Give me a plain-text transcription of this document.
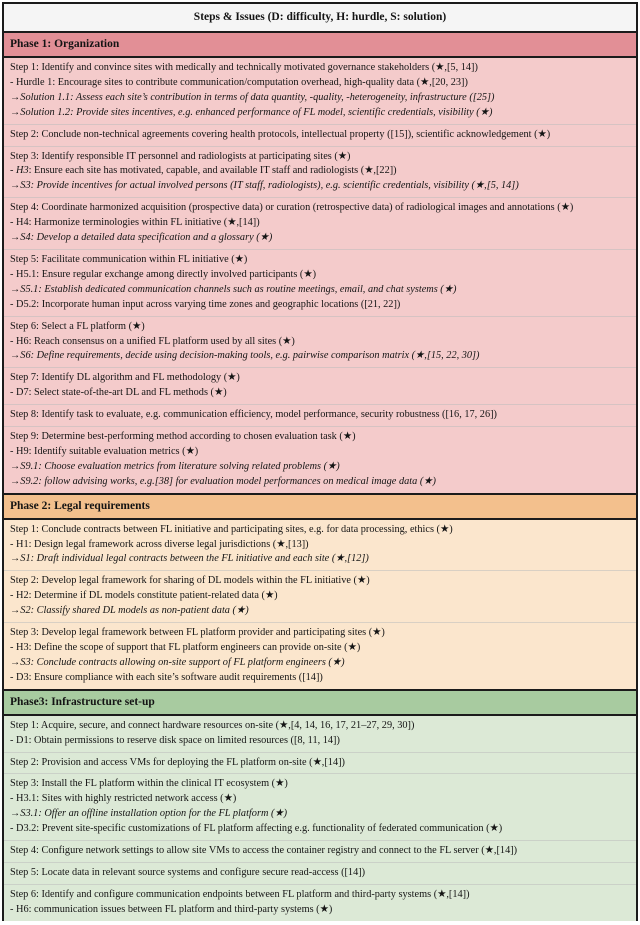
Steps & Issues (D: difficulty, H: hurdle, S: solution)
Phase 1: Organization
Step 1: Identify and convince sites with medically and technically motivated governance stakeholders (★,[5, 14])
- Hurdle 1: Encourage sites to contribute communication/computation overhead, high-quality data (★,[20, 23])
→Solution 1.1: Assess each site’s contribution in terms of data quantity, -quality, -heterogeneity, infrastructure ([25])
→Solution 1.2: Provide sites incentives, e.g. enhanced performance of FL model, scientific credentials, visibility (★)
Step 2: Conclude non-technical agreements covering health protocols, intellectual property ([15]), scientific acknowledgement (★)
Step 3: Identify responsible IT personnel and radiologists at participating sites (★)
- H3: Ensure each site has motivated, capable, and available IT staff and radiologists (★,[22])
→S3: Provide incentives for actual involved persons (IT staff, radiologists), e.g. scientific credentials, visibility (★,[5, 14])
Step 4: Coordinate harmonized acquisition (prospective data) or curation (retrospective data) of radiological images and annotations (★)
- H4: Harmonize terminologies within FL initiative (★,[14])
→S4: Develop a detailed data specification and a glossary (★)
Step 5: Facilitate communication within FL initiative (★)
- H5.1: Ensure regular exchange among directly involved participants (★)
→S5.1: Establish dedicated communication channels such as routine meetings, email, and chat systems (★)
- D5.2: Incorporate human input across varying time zones and geographic locations ([21, 22])
Step 6: Select a FL platform (★)
- H6: Reach consensus on a unified FL platform used by all sites (★)
→S6: Define requirements, decide using decision-making tools, e.g. pairwise comparison matrix (★,[15, 22, 30])
Step 7: Identify DL algorithm and FL methodology (★)
- D7: Select state-of-the-art DL and FL methods (★)
Step 8: Identify task to evaluate, e.g. communication efficiency, model performance, security robustness ([16, 17, 26])
Step 9: Determine best-performing method according to chosen evaluation task (★)
- H9: Identify suitable evaluation metrics (★)
→S9.1: Choose evaluation metrics from literature solving related problems (★)
→S9.2: follow advising works, e.g.[38] for evaluation model performances on medical image data (★)
Phase 2: Legal requirements
Step 1: Conclude contracts between FL initiative and participating sites, e.g. for data processing, ethics (★)
- H1: Design legal framework across diverse legal jurisdictions (★,[13])
→S1: Draft individual legal contracts between the FL initiative and each site (★,[12])
Step 2: Develop legal framework for sharing of DL models within the FL initiative (★)
- H2: Determine if DL models constitute patient-related data (★)
→S2: Classify shared DL models as non-patient data (★)
Step 3: Develop legal framework between FL platform provider and participating sites (★)
- H3: Define the scope of support that FL platform engineers can provide on-site (★)
→S3: Conclude contracts allowing on-site support of FL platform engineers (★)
- D3: Ensure compliance with each site’s software audit requirements ([14])
Phase3: Infrastructure set-up
Step 1: Acquire, secure, and connect hardware resources on-site (★,[4, 14, 16, 17, 21–27, 29, 30])
- D1: Obtain permissions to reserve disk space on limited resources ([8, 11, 14])
Step 2: Provision and access VMs for deploying the FL platform on-site (★,[14])
Step 3: Install the FL platform within the clinical IT ecosystem (★)
- H3.1: Sites with highly restricted network access (★)
→S3.1: Offer an offline installation option for the FL platform (★)
- D3.2: Prevent site-specific customizations of FL platform affecting e.g. functionality of federated communication (★)
Step 4: Configure network settings to allow site VMs to access the container registry and connect to the FL server (★,[14])
Step 5: Locate data in relevant source systems and configure secure read-access ([14])
Step 6: Identify and configure communication endpoints between FL platform and third-party systems (★,[14])
- H6: communication issues between FL platform and third-party systems (★)
